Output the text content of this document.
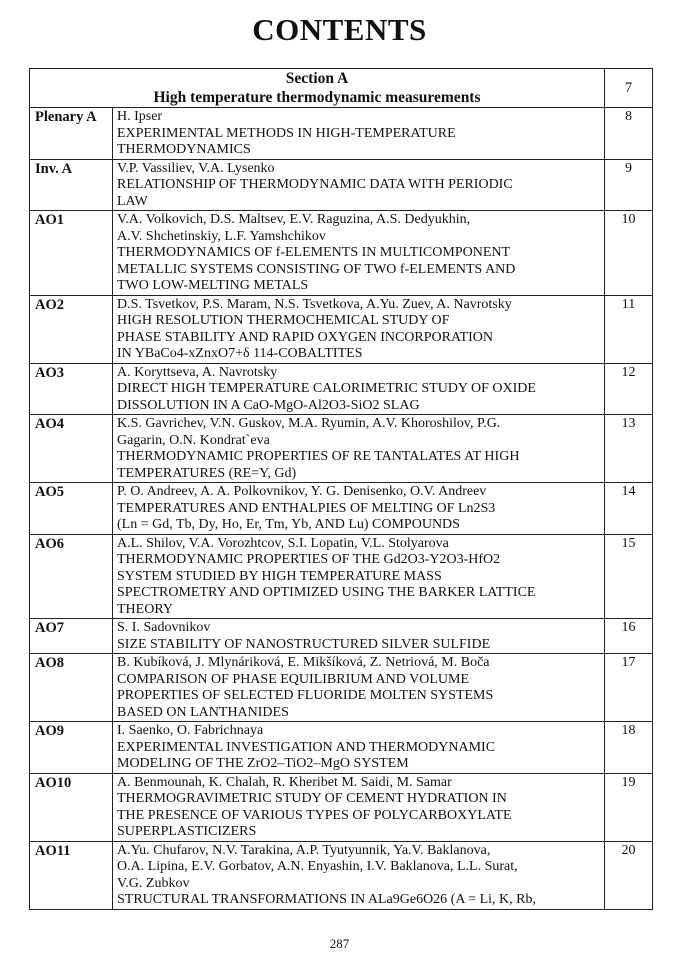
CONTENTS
Section A
High temperature thermodynamic measurements		7
Plenary A	H. Ipser
EXPERIMENTAL METHODS IN HIGH-TEMPERATURE
THERMODYNAMICS	8
Inv. A	V.P. Vassiliev, V.A. Lysenko
RELATIONSHIP OF THERMODYNAMIC DATA WITH PERIODIC
LAW	9
AO1	V.A. Volkovich, D.S. Maltsev, E.V. Raguzina, A.S. Dedyukhin,
A.V. Shchetinskiy, L.F. Yamshchikov
THERMODYNAMICS OF f-ELEMENTS IN MULTICOMPONENT
METALLIC SYSTEMS CONSISTING OF TWO f-ELEMENTS AND
TWO LOW-MELTING METALS	10
AO2	D.S. Tsvetkov, P.S. Maram, N.S. Tsvetkova, A.Yu. Zuev, A. Navrotsky
HIGH RESOLUTION THERMOCHEMICAL STUDY OF
PHASE STABILITY AND RAPID OXYGEN INCORPORATION
IN YBaCo4-xZnxO7+δ 114-COBALTITES	11
AO3	A. Koryttseva, A. Navrotsky
DIRECT HIGH TEMPERATURE CALORIMETRIC STUDY OF OXIDE
DISSOLUTION IN A CaO-MgO-Al2O3-SiO2 SLAG	12
AO4	K.S. Gavrichev, V.N. Guskov, M.A. Ryumin, A.V. Khoroshilov, P.G.
Gagarin, O.N. Kondrat`eva
THERMODYNAMIC PROPERTIES OF RE TANTALATES AT HIGH
TEMPERATURES (RE=Y, Gd)	13
AO5	P. O. Andreev, A. A. Polkovnikov, Y. G. Denisenko, O.V. Andreev
TEMPERATURES AND ENTHALPIES OF MELTING OF Ln2S3
(Ln = Gd, Tb, Dy, Ho, Er, Tm, Yb, AND Lu) COMPOUNDS	14
AO6	A.L. Shilov, V.A. Vorozhtcov, S.I. Lopatin, V.L. Stolyarova
THERMODYNAMIC PROPERTIES OF THE Gd2O3-Y2O3-HfO2
SYSTEM STUDIED BY HIGH TEMPERATURE MASS
SPECTROMETRY AND OPTIMIZED USING THE BARKER LATTICE
THEORY	15
AO7	S. I. Sadovnikov
SIZE STABILITY OF NANOSTRUCTURED SILVER SULFIDE	16
AO8	B. Kubíková, J. Mlynáriková, E. Mikšíková, Z. Netriová, M. Boča
COMPARISON OF PHASE EQUILIBRIUM AND VOLUME
PROPERTIES OF SELECTED FLUORIDE MOLTEN SYSTEMS
BASED ON LANTHANIDES	17
AO9	I. Saenko, O. Fabrichnaya
EXPERIMENTAL INVESTIGATION AND THERMODYNAMIC
MODELING OF THE ZrO2–TiO2–MgO SYSTEM	18
AO10	A. Benmounah, K. Chalah, R. Kheribet M. Saidi, M. Samar
THERMOGRAVIMETRIC STUDY OF CEMENT HYDRATION IN
THE PRESENCE OF VARIOUS TYPES OF POLYCARBOXYLATE
SUPERPLASTICIZERS	19
AO11	A.Yu. Chufarov, N.V. Tarakina, A.P. Tyutyunnik, Ya.V. Baklanova,
O.A. Lipina, E.V. Gorbatov, A.N. Enyashin, I.V. Baklanova, L.L. Surat,
V.G. Zubkov
STRUCTURAL TRANSFORMATIONS IN ALa9Ge6O26 (A = Li, K, Rb,	20
287
